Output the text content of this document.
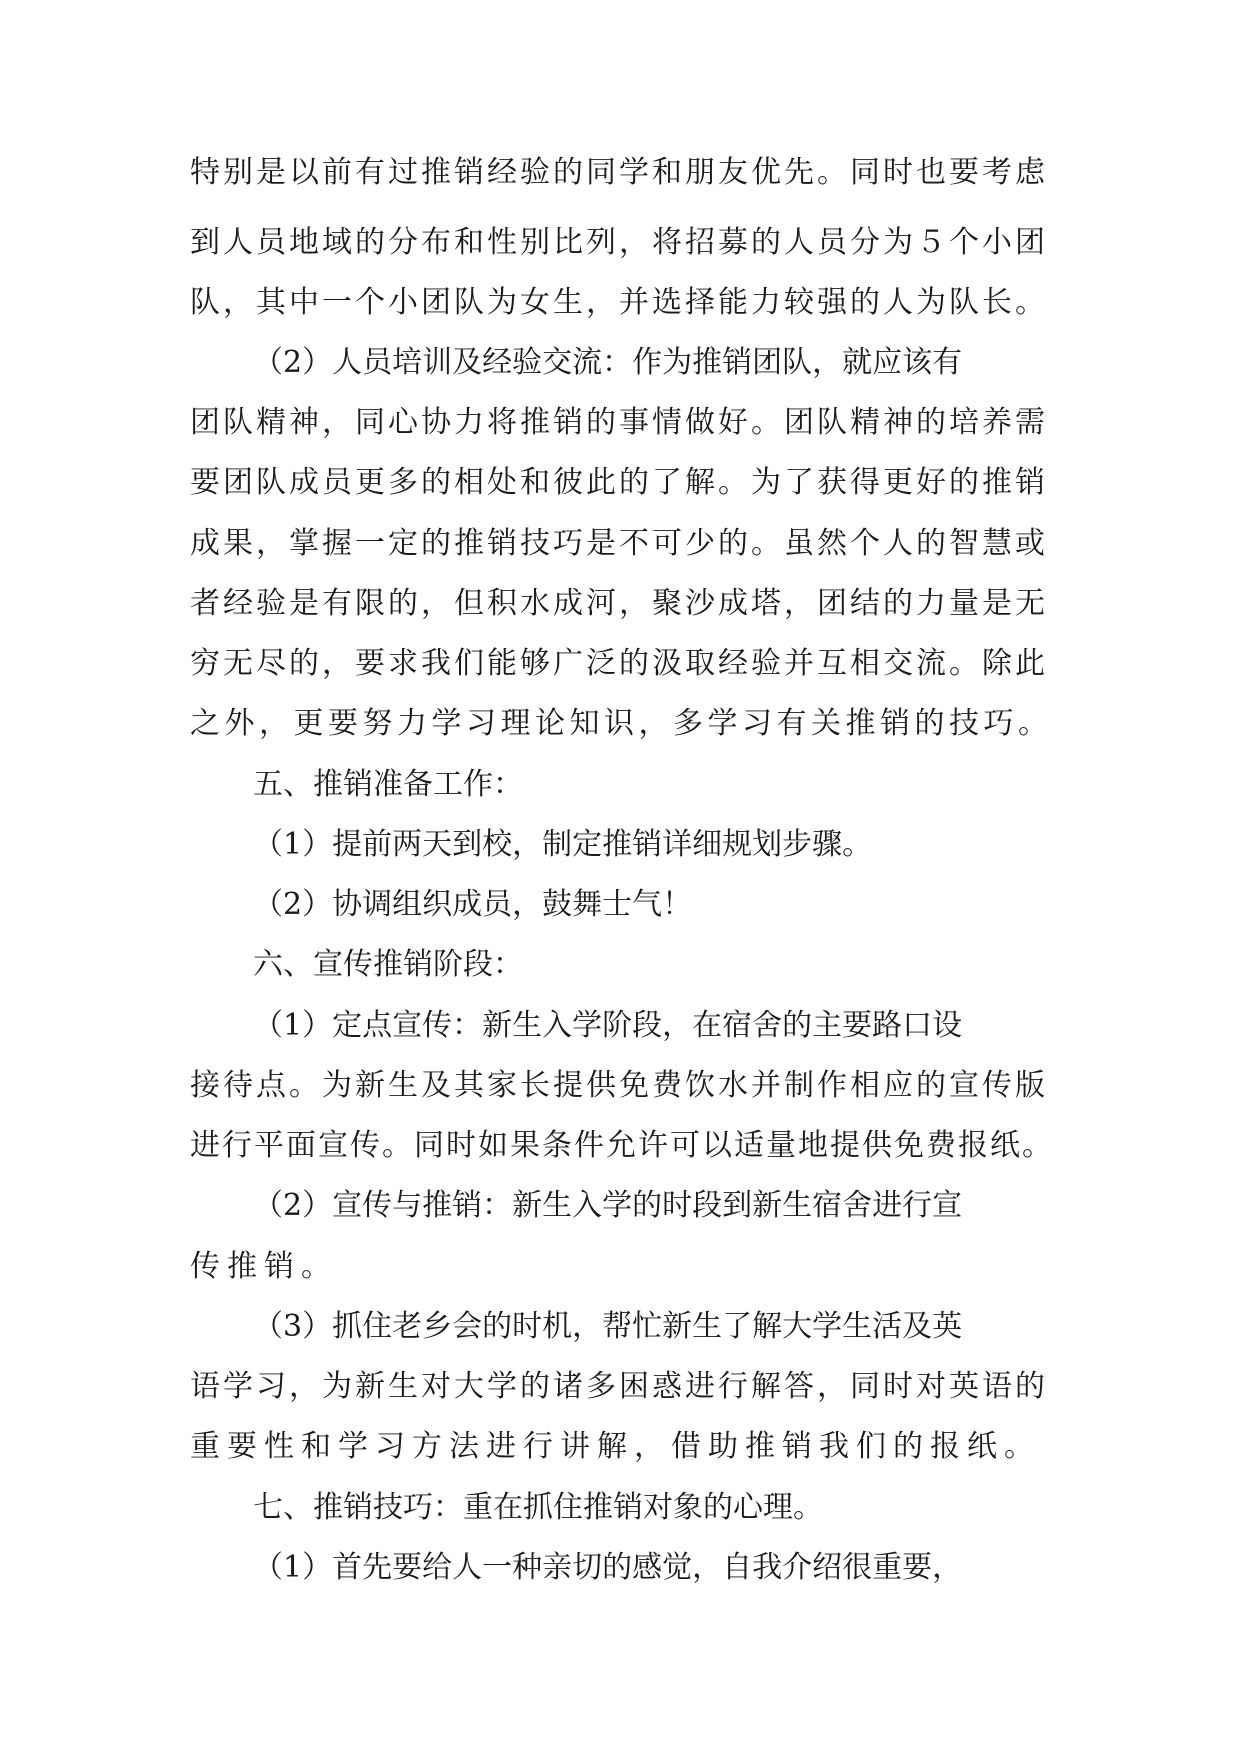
特别是以前有过推销经验的同学和朋友优先。同时也要考虑
到人员地域的分布和性别比列，将招募的人员分为５个小团
队，其中一个小团队为女生，并选择能力较强的人为队长。
（2）人员培训及经验交流：作为推销团队，就应该有
团队精神，同心协力将推销的事情做好。团队精神的培养需
要团队成员更多的相处和彼此的了解。为了获得更好的推销
成果，掌握一定的推销技巧是不可少的。虽然个人的智慧或
者经验是有限的，但积水成河，聚沙成塔，团结的力量是无
穷无尽的，要求我们能够广泛的汲取经验并互相交流。除此
之外，更要努力学习理论知识，多学习有关推销的技巧。
五、推销准备工作：
（1）提前两天到校，制定推销详细规划步骤。
（2）协调组织成员，鼓舞士气！
六、宣传推销阶段：
（1）定点宣传：新生入学阶段，在宿舍的主要路口设
接待点。为新生及其家长提供免费饮水并制作相应的宣传版
进行平面宣传。同时如果条件允许可以适量地提供免费报纸。
（2）宣传与推销：新生入学的时段到新生宿舍进行宣
传推销。
（3）抓住老乡会的时机，帮忙新生了解大学生活及英
语学习，为新生对大学的诸多困惑进行解答，同时对英语的
重要性和学习方法进行讲解，借助推销我们的报纸。
七、推销技巧：重在抓住推销对象的心理。
（1）首先要给人一种亲切的感觉，自我介绍很重要，
